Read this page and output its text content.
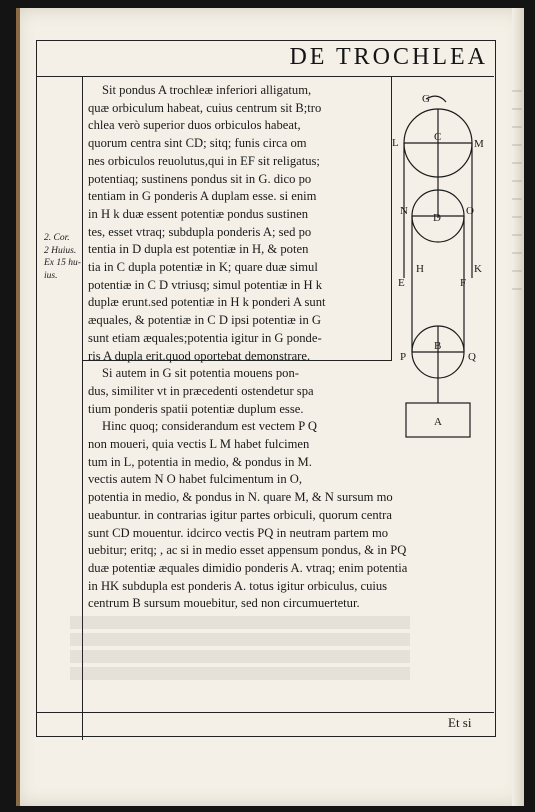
DE TROCHLEA
2. Cor.
2 Huius.
Ex 15 hu-
ius.

Sit pondus A trochleæ inferiori alligatum,
quæ orbiculum habeat, cuius centrum sit B;tro
chlea verò superior duos orbiculos habeat,
quorum centra sint CD; sitq; funis circa om
nes orbiculos reuolutus,qui in EF sit religatus;
potentiaq; sustinens pondus sit in G. dico po
tentiam in G ponderis A duplam esse. si enim
in H k duæ essent potentiæ pondus sustinen
tes, esset vtraq; subdupla ponderis A; sed po
tentia in D dupla est potentiæ in H, & poten
tia in C dupla potentiæ in K; quare duæ simul
potentiæ in C D vtriusq; simul potentiæ in H k
duplæ erunt.sed potentiæ in H k ponderi A sunt
æquales, & potentiæ in C D ipsi potentiæ in G
sunt etiam æquales;potentia igitur in G ponde-
ris A dupla erit.quod oportebat demonstrare.

Si autem in G sit potentia mouens pon-
dus, similiter vt in præcedenti ostendetur spa
tium ponderis spatii potentiæ duplum esse.

Hinc quoq; considerandum est vectem P Q
non moueri, quia vectis L M habet fulcimen
tum in L, potentia in medio, & pondus in M.
vectis autem N O habet fulcimentum in O,

potentia in medio, & pondus in N. quare M, & N sursum mo
ueabuntur. in contrarias igitur partes orbiculi, quorum centra
sunt CD mouentur. idcirco vectis PQ in neutram partem mo
uebitur; eritq; , ac si in medio esset appensum pondus, & in PQ
duæ potentiæ æquales dimidio ponderis A. vtraq; enim potentia
in HK subdupla est ponderis A. totus igitur orbiculus, cuius
centrum B sursum mouebitur, sed non circumuertetur.

G
L	C
M
N
D
O
H	K
E	F
P
B
Q
A
Et si
